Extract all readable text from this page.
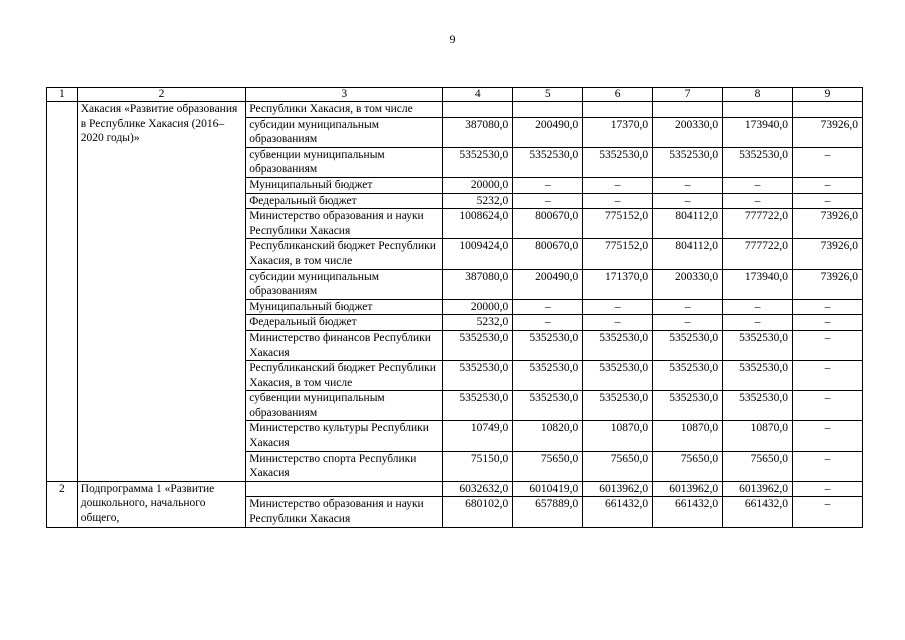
9
1	2	3	4	5	6	7	8	9
	Хакасия «Развитие образования в Республике Хакасия (2016–2020 годы)»	Республики Хакасия, в том числе						
		субсидии муниципальным образованиям	387080,0	200490,0	17370,0	200330,0	173940,0	73926,0
		субвенции муниципальным образованиям	5352530,0	5352530,0	5352530,0	5352530,0	5352530,0	–
		Муниципальный бюджет	20000,0	–	–	–	–	–
		Федеральный бюджет	5232,0	–	–	–	–	–
		Министерство образования и науки Республики Хакасия	1008624,0	800670,0	775152,0	804112,0	777722,0	73926,0
		Республиканский бюджет Республики Хакасия, в том числе	1009424,0	800670,0	775152,0	804112,0	777722,0	73926,0
		субсидии муниципальным образованиям	387080,0	200490,0	171370,0	200330,0	173940,0	73926,0
		Муниципальный бюджет	20000,0	–	–	–	–	–
		Федеральный бюджет	5232,0	–	–	–	–	–
		Министерство финансов Республики Хакасия	5352530,0	5352530,0	5352530,0	5352530,0	5352530,0	–
		Республиканский бюджет Республики Хакасия, в том числе	5352530,0	5352530,0	5352530,0	5352530,0	5352530,0	–
		субвенции муниципальным образованиям	5352530,0	5352530,0	5352530,0	5352530,0	5352530,0	–
		Министерство культуры Республики Хакасия	10749,0	10820,0	10870,0	10870,0	10870,0	–
		Министерство спорта Республики Хакасия	75150,0	75650,0	75650,0	75650,0	75650,0	–
2	Подпрограмма 1 «Развитие дошкольного, начального общего,		6032632,0	6010419,0	6013962,0	6013962,0	6013962,0	–
		Министерство образования и науки Республики Хакасия	680102,0	657889,0	661432,0	661432,0	661432,0	–
